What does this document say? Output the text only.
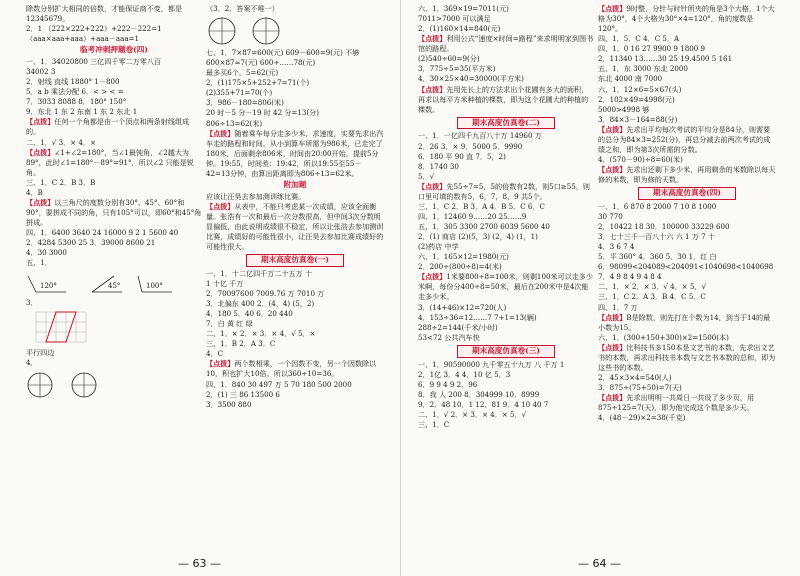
除数分别扩大相同的倍数，才能保证商不变，都是
12345679。
2．1 （222×222+222）+222－222=1
（aaa×aaa+aaa）+aaa－aaa=1
临考冲刺押题卷(四)
一、1．34020800 三亿四千零二万零八百
34002 3
2．射线 直线 1880° 1－800
5．a b 乘法分配 6．< > < =
7．3033 8088 8．180° 150°
9．东北 1 东 2 东南 1 东 2 东北 1
【点拨】任何一个角都是由一个顶点和两条射线组成的。
二、1．√ 3．× 4．×
【点拨】∠1+∠2=180°，当∠1最钝角，∠2越大为89°，此时∠1=180°－89°=91°，所以∠2 只能是锐角。
三、1．C 2．B 3．B
4．B
【点拨】以三角尺的度数分别有30°、45°、60°和90°，要拼成不同的角，只有105°可以，即60°和45°角拼成。
四、1．6400 3640 24 16000 9 2 1 5600 40
2．4284 5300 25 3．39000 8600 21
4．30 3000
五、1．
120°	45°	100°
3．
平行四边
4．
（3．2．答案不唯一）
七、1．7×87=600(元) 609－600=9(元) 不够
600×87≈7(元) 600÷……78(元)
最多买6个。5=62(元)
2．(1)175×5+252+7=71(个)
(2)355+71=70(个)
3．986－180=806(米)
20 时－5 分－19 时 42 分=13(分)
806÷13=62(米)
【点拨】随着乘车每分走多少米，求速度，实要先求出汽车走的路程和时间。从小到算车所需为986米，已走完了180米，后面剩余806米，时间由20:00开始，提前5分钟。19:55，时间差：19:42，所以19:55至55－42=13分钟，由算出距离即为806÷13=62米。
附加题
应该让汪昊去参加测训练比赛。
【点拨】从表中，不能只考虑某一次成绩，应该全面衡量。张浩有一次和最后一次分数很高，但中间3次分数明显偏低，由此说明成绩很不稳定，所以让张浩去参加测训比赛，成绩好的可能性很小，让汪昊去参加比赛成绩好的可能性很大。
期末高度仿真卷(一)
一、1．十二亿四千万二十五万 十
1 十亿 千万
2．70097600 7009.76 万 7010 万
3．北偏东 400 2．(4，4) (5，2)
4．180 5．40 6．20 440
7．白 黄 红 绿
二、1．× 2．× 3．× 4．√ 5．×
三、1．B 2．A 3．C
4．C
【点拨】两个数相乘，一个因数不变，另一个因数除以10，积也扩大10倍。所以360÷10=36。
四、1．840 30 497 万 5 70 180 500 2000
2．(1) 三 86 13500 6
3．3500 880
六、1．369×19=7011(元)
7011>7000 可以满足
2．(1)160×14=840(元)
【点拨】利用公式“速度×时间=路程”来求明明家到图书馆的路程。
(2)540÷60=9(分)
3．775÷5=35(平方米)
4．30×25×40=30000(平方米)
【点拨】先用先长上的方法求出个花圃有多大的面积，再求以每平方米种植的棵数，即为这个花圃大的种植的棵数。
期末高度仿真卷(二)
一、1．一亿四千九百八十万 14960 万
2．26 3．× 9．5000 5．9990
6．180 平 90 直 7．5，2)
8．1740 30
5．√
【点拨】先55÷7=5，5的倍数有2数，则5口≥55，则口里可填的数有5，6，7，8，9 共5个。
三、1．C 2．B 3．A 4．B 5．C 6．C
四、1．12460 9……20 25……9
五、1．305 3300 2700 6039 5600 40
2．(1) 商店 (2)(5，3) (2，4) (1，1)
(2)药店 中学
六、1．165×12=1980(元)
2．200÷(800÷8)=4(米)
【点拨】1米要800÷8=100米，则剩100米可以走多少米啊，每份分400÷8=50米，最后在200米中是4次能走多少米。
3．(14+46)×12=720(人)
4．153÷36=12……7 7+1=13(辆)
288÷2=144(千米/小时)
53<72 公共汽车快
期末高度仿真卷(三)
一、1．90590000 九千零五十九万 八 千万 1
2．1亿 3．4 4．10 亿 5．3
6．9 9 4 9 2．96
8．我 人 200 8．304999 10．8999
9．2．48 10．1 12．81 9．4 10 40 7
二、1．√ 2．× 3．× 4．× 5．√
三、1．C
【点拨】9时整，分针与时针所夹的角是3个大格，1个大格为30°，4个大格为30°×4=120°，角的度数是120°。
四、1．5．C 4．C 5．A
四、1．0 16 27 9900 9 1800 9
2．11340 13……30 25 19.4500 5 161
五、1．东 3000 东北 2000
东北 4000 南 7000
六、1．12×6=5×67(头)
2．102×49=4998(元)
5000>4998 够
3．84×3－164=88(分)
【点拨】先求出平均每次考试的平均分是84分，则需要的总分为84×3=252(分)，再总分减去前两次考试的成绩之和，即为第3次所需的分数。
4．(570－90)÷8=60(米)
【点拨】先求出还剩下多少米，再用剩余的米数除以每天修的米数，即为修的天数。
期末高度仿真卷(四)
一、1．6 870 8 2000 7 10 8 1000
30 770
2．10422 18 30．100000 33229 600
3．七十三千一百八十六 六 1 万 7 十
4．3 6 7 4
5．平 360° 4．360 5．30 1．红 白
6．98099<204089<204091<1040698<1040698
7．4 9 8 4 9 4 8 4
二、1．× 2．× 3．√ 4．× 5．√
三、1．C 2．A 3．B 4．C 5．C
四、1．7 万
【点拨】B是除数，则先打在个数为14，到当于14的最小数为15。
六、1．(300+150+300)×2=1500(本)
【点拨】比科技书多150本是文艺书的本数，先求出文艺书的本数，再求出科技书本数与文艺书本数的总和，即为这些书的本数。
2．45×3×4=540(人)
3．875÷(75+50)=7(天)
【点拨】先求出明明一共周日一共设了多少页，用875÷125=7(天)，即为他完成这个数是多少天。
4．(48－29)×2=38(千克)
— 63 —	— 64 —
